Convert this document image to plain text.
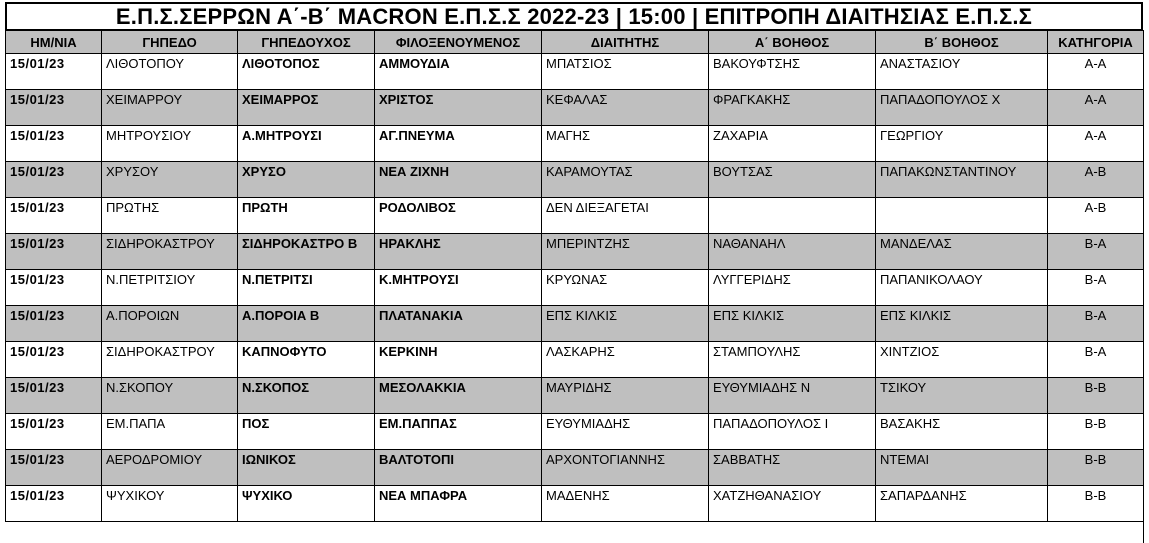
Ε.Π.Σ.ΣΕΡΡΩΝ Α΄-Β΄ MACRON Ε.Π.Σ.Σ 2022-23 | 15:00 | ΕΠΙΤΡΟΠΗ ΔΙΑΙΤΗΣΙΑΣ Ε.Π.Σ.Σ
ΗΜ/ΝΙΑ	ΓΗΠΕΔΟ	ΓΗΠΕΔΟΥΧΟΣ	ΦΙΛΟΞΕΝΟΥΜΕΝΟΣ	ΔΙΑΙΤΗΤΗΣ	Α΄ ΒΟΗΘΟΣ	Β΄ ΒΟΗΘΟΣ	ΚΑΤΗΓΟΡΙΑ
15/01/23	ΛΙΘΟΤΟΠΟΥ	ΛΙΘΟΤΟΠΟΣ	ΑΜΜΟΥΔΙΑ	ΜΠΑΤΣΙΟΣ	ΒΑΚΟΥΦΤΣΗΣ	ΑΝΑΣΤΑΣΙΟΥ	Α-Α
15/01/23	ΧΕΙΜΑΡΡΟΥ	ΧΕΙΜΑΡΡΟΣ	ΧΡΙΣΤΟΣ	ΚΕΦΑΛΑΣ	ΦΡΑΓΚΑΚΗΣ	ΠΑΠΑΔΟΠΟΥΛΟΣ Χ	Α-Α
15/01/23	ΜΗΤΡΟΥΣΙΟΥ	Α.ΜΗΤΡΟΥΣΙ	ΑΓ.ΠΝΕΥΜΑ	ΜΑΓΗΣ	ΖΑΧΑΡΙΑ	ΓΕΩΡΓΙΟΥ	Α-Α
15/01/23	ΧΡΥΣΟΥ	ΧΡΥΣΟ	ΝΕΑ ΖΙΧΝΗ	ΚΑΡΑΜΟΥΤΑΣ	ΒΟΥΤΣΑΣ	ΠΑΠΑΚΩΝΣΤΑΝΤΙΝΟΥ	Α-Β
15/01/23	ΠΡΩΤΗΣ	ΠΡΩΤΗ	ΡΟΔΟΛΙΒΟΣ	ΔΕΝ ΔΙΕΞΑΓΕΤΑΙ			Α-Β
15/01/23	ΣΙΔΗΡΟΚΑΣΤΡΟΥ	ΣΙΔΗΡΟΚΑΣΤΡΟ Β	ΗΡΑΚΛΗΣ	ΜΠΕΡΙΝΤΖΗΣ	ΝΑΘΑΝΑΗΛ	ΜΑΝΔΕΛΑΣ	Β-Α
15/01/23	Ν.ΠΕΤΡΙΤΣΙΟΥ	Ν.ΠΕΤΡΙΤΣΙ	Κ.ΜΗΤΡΟΥΣΙ	ΚΡΥΩΝΑΣ	ΛΥΓΓΕΡΙΔΗΣ	ΠΑΠΑΝΙΚΟΛΑΟΥ	Β-Α
15/01/23	Α.ΠΟΡΟΙΩΝ	Α.ΠΟΡΟΙΑ Β	ΠΛΑΤΑΝΑΚΙΑ	ΕΠΣ ΚΙΛΚΙΣ	ΕΠΣ ΚΙΛΚΙΣ	ΕΠΣ ΚΙΛΚΙΣ	Β-Α
15/01/23	ΣΙΔΗΡΟΚΑΣΤΡΟΥ	ΚΑΠΝΟΦΥΤΟ	ΚΕΡΚΙΝΗ	ΛΑΣΚΑΡΗΣ	ΣΤΑΜΠΟΥΛΗΣ	ΧΙΝΤΖΙΟΣ	Β-Α
15/01/23	Ν.ΣΚΟΠΟΥ	Ν.ΣΚΟΠΟΣ	ΜΕΣΟΛΑΚΚΙΑ	ΜΑΥΡΙΔΗΣ	ΕΥΘΥΜΙΑΔΗΣ Ν	ΤΣΙΚΟΥ	Β-Β
15/01/23	ΕΜ.ΠΑΠΑ	ΠΟΣ	ΕΜ.ΠΑΠΠΑΣ	ΕΥΘΥΜΙΑΔΗΣ	ΠΑΠΑΔΟΠΟΥΛΟΣ Ι	ΒΑΣΑΚΗΣ	Β-Β
15/01/23	ΑΕΡΟΔΡΟΜΙΟΥ	ΙΩΝΙΚΟΣ	ΒΑΛΤΟΤΟΠΙ	ΑΡΧΟΝΤΟΓΙΑΝΝΗΣ	ΣΑΒΒΑΤΗΣ	ΝΤΕΜΑΙ	Β-Β
15/01/23	ΨΥΧΙΚΟΥ	ΨΥΧΙΚΟ	ΝΕΑ ΜΠΑΦΡΑ	ΜΑΔΕΝΗΣ	ΧΑΤΖΗΘΑΝΑΣΙΟΥ	ΣΑΠΑΡΔΑΝΗΣ	Β-Β
